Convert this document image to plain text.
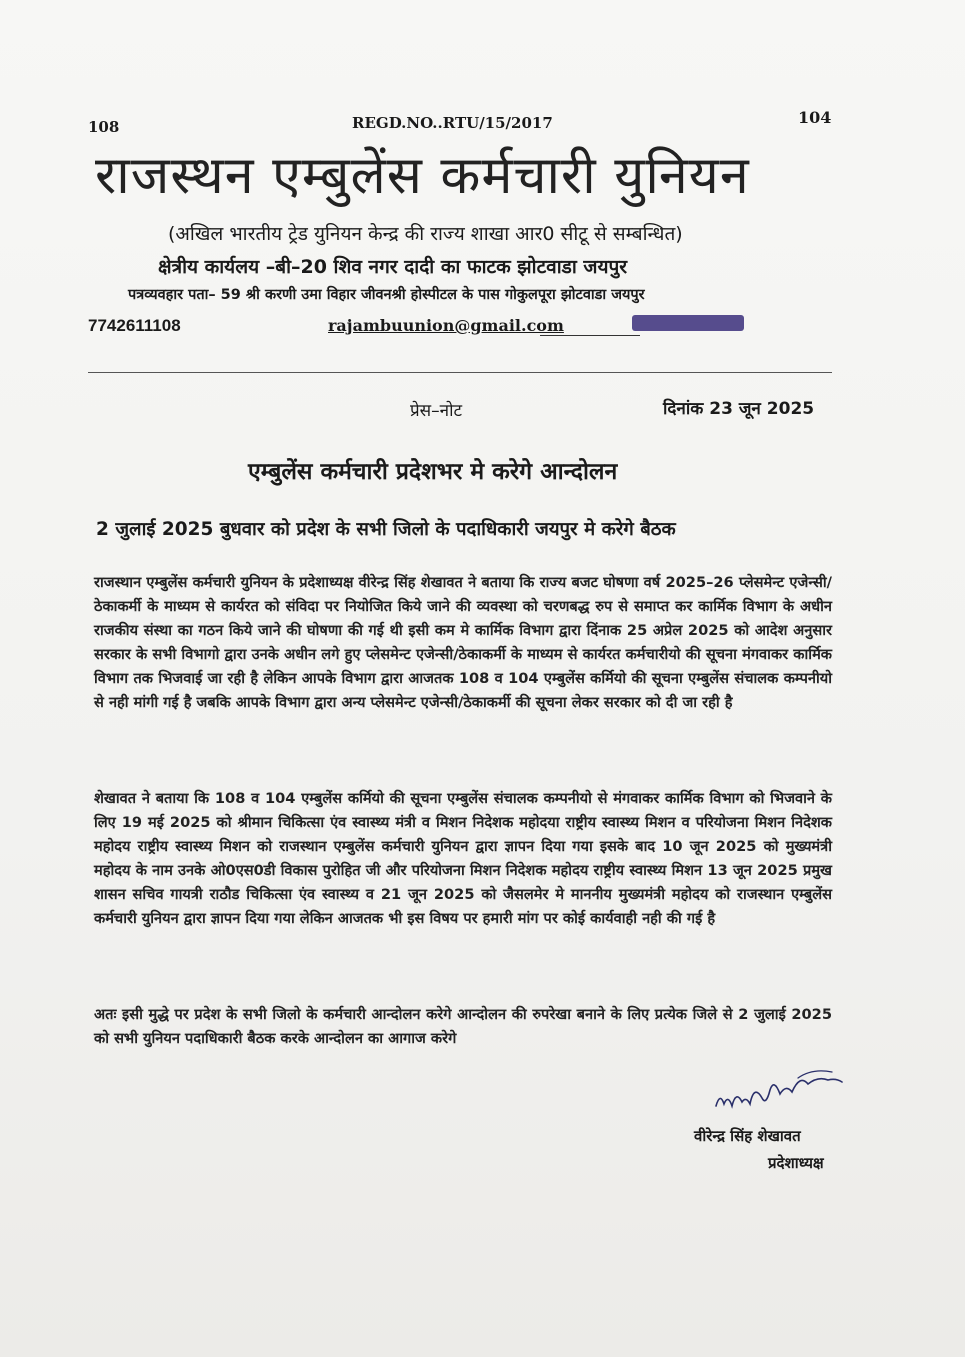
108	REGD.NO..RTU/15/2017	104
राजस्थन एम्बुलेंस कर्मचारी युनियन
(अखिल भारतीय ट्रेड युनियन केन्द्र की राज्य शाखा आर0 सीटू से सम्बन्धित)
क्षेत्रीय कार्यलय –बी–20 शिव नगर दादी का फाटक झोटवाडा जयपुर
पत्रव्यवहार पता– 59 श्री करणी उमा विहार जीवनश्री होस्पीटल के पास गोकुलपूरा झोटवाडा जयपुर
7742611108	rajambuunion@gmail.com
प्रेस–नोट	दिनांक 23 जून 2025
एम्बुलेंस कर्मचारी प्रदेशभर मे करेगे आन्दोलन
2 जुलाई 2025 बुधवार को प्रदेश के सभी जिलो के पदाधिकारी जयपुर मे करेगे बैठक
राजस्थान एम्बुलेंस कर्मचारी युनियन के प्रदेशाध्यक्ष वीरेन्द्र सिंह शेखावत ने बताया कि राज्य बजट घोषणा वर्ष 2025–26 प्लेसमेन्ट एजेन्सी/ठेकाकर्मी के माध्यम से कार्यरत को संविदा पर नियोजित किये जाने की व्यवस्था को चरणबद्ध रुप से समाप्त कर कार्मिक विभाग के अधीन राजकीय संस्था का गठन किये जाने की घोषणा की गई थी इसी कम मे कार्मिक विभाग द्वारा दिंनाक 25 अप्रेल 2025 को आदेश अनुसार सरकार के सभी विभागो द्वारा उनके अधीन लगे हुए प्लेसमेन्ट एजेन्सी/ठेकाकर्मी के माध्यम से कार्यरत कर्मचारीयो की सूचना मंगवाकर कार्मिक विभाग तक भिजवाई जा रही है लेकिन आपके विभाग द्वारा आजतक 108 व 104 एम्बुलेंस कर्मियो की सूचना एम्बुलेंस संचालक कम्पनीयो से नही मांगी गई है जबकि आपके विभाग द्वारा अन्य प्लेसमेन्ट एजेन्सी/ठेकाकर्मी की सूचना लेकर सरकार को दी जा रही है
शेखावत ने बताया कि 108 व 104 एम्बुलेंस कर्मियो की सूचना एम्बुलेंस संचालक कम्पनीयो से मंगवाकर कार्मिक विभाग को भिजवाने के लिए 19 मई 2025 को श्रीमान चिकित्सा एंव स्वास्थ्य मंत्री व मिशन निदेशक महोदया राष्ट्रीय स्वास्थ्य मिशन व परियोजना मिशन निदेशक महोदय राष्ट्रीय स्वास्थ्य मिशन को राजस्थान एम्बुलेंस कर्मचारी युनियन द्वारा ज्ञापन दिया गया इसके बाद 10 जून 2025 को मुख्यमंत्री महोदय के नाम उनके ओ0एस0डी विकास पुरोहित जी और परियोजना मिशन निदेशक महोदय राष्ट्रीय स्वास्थ्य मिशन 13 जून 2025 प्रमुख शासन सचिव गायत्री राठौड चिकित्सा एंव स्वास्थ्य व 21 जून 2025 को जैसलमेर मे माननीय मुख्यमंत्री महोदय को राजस्थान एम्बुलेंस कर्मचारी युनियन द्वारा ज्ञापन दिया गया लेकिन आजतक भी इस विषय पर हमारी मांग पर कोई कार्यवाही नही की गई है
अतः इसी मुद्धे पर प्रदेश के सभी जिलो के कर्मचारी आन्दोलन करेगे आन्दोलन की रुपरेखा बनाने के लिए प्रत्येक जिले से 2 जुलाई 2025 को सभी युनियन पदाधिकारी बैठक करके आन्दोलन का आगाज करेगे
वीरेन्द्र सिंह शेखावत
प्रदेशाध्यक्ष
